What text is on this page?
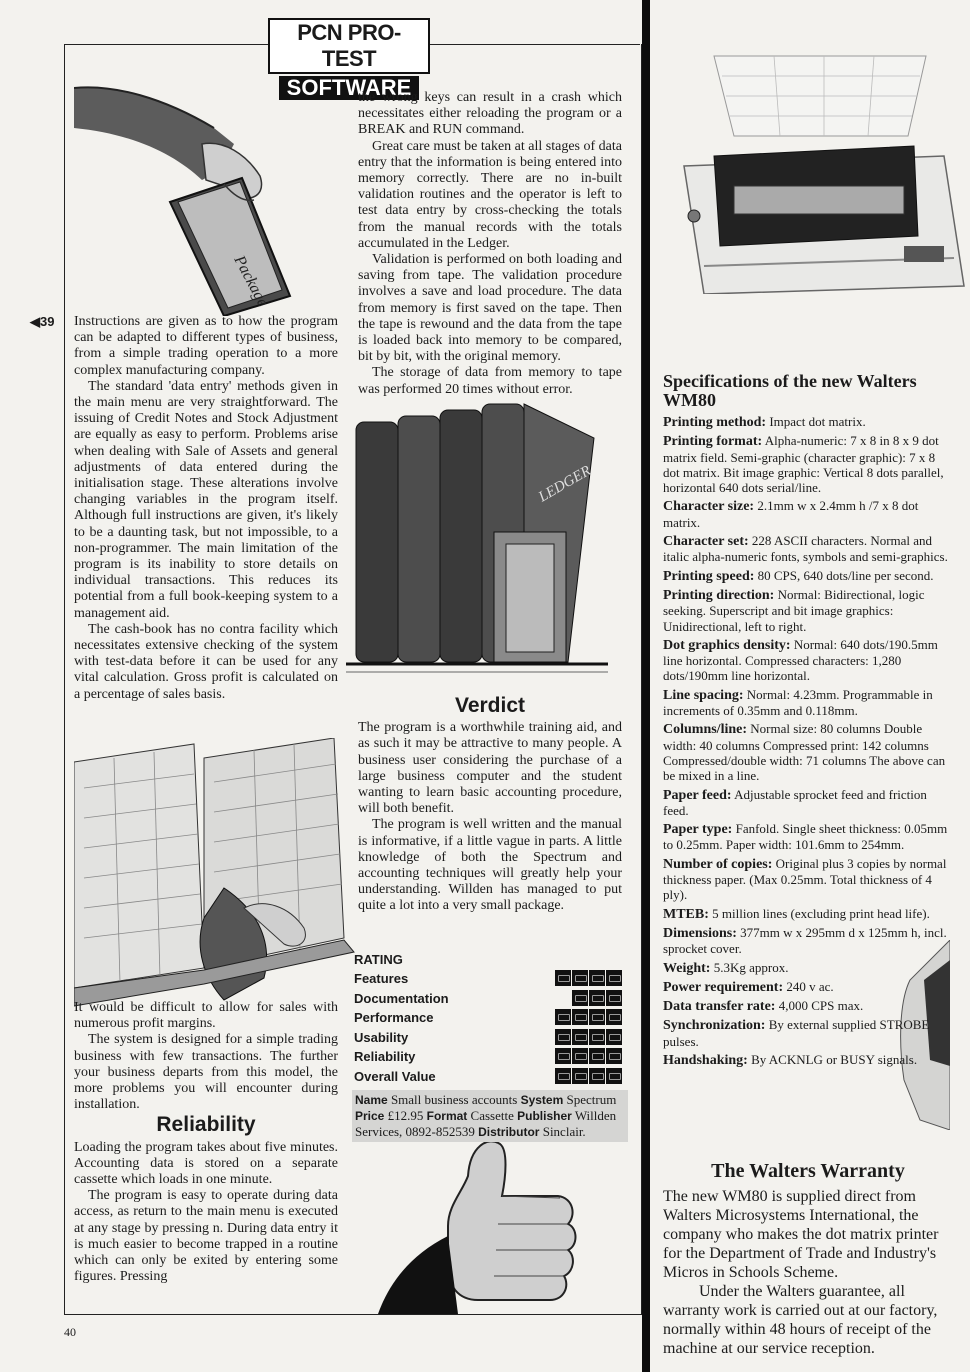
PCN PRO-TEST
SOFTWARE
Package
LEDGER
◀39 Instructions are given as to how the program can be adapted to different types of business, from a simple trading operation to a more complex manufacturing company.

The standard 'data entry' methods given in the main menu are very straightforward. The issuing of Credit Notes and Stock Adjustment are equally as easy to perform. Problems arise when dealing with Sale of Assets and general adjustments of data entered during the initialisation stage. These alterations involve changing variables in the program itself. Although full instructions are given, it's likely to be a daunting task, but not impossible, to a non-programmer. The main limitation of the program is its inability to store details on individual transactions. This reduces its potential from a full book-keeping system to a management aid.

The cash-book has no contra facility which necessitates extensive checking of the system with test-data before it can be used for any vital calculation. Gross profit is calculated on a percentage of sales basis.

It would be difficult to allow for sales with numerous profit margins.

The system is designed for a simple trading business with few transactions. The further your business departs from this model, the more problems you will encounter during installation.

Reliability

Loading the program takes about five minutes. Accounting data is stored on a separate cassette which loads in one minute.

The program is easy to operate during data access, as return to the main menu is executed at any stage by pressing n. During data entry it is much easier to become trapped in a routine which can only be exited by entering some figures. Pressing

the wrong keys can result in a crash which necessitates either reloading the program or a BREAK and RUN command.

Great care must be taken at all stages of data entry that the information is being entered into memory correctly. There are no in-built validation routines and the operator is left to test data entry by cross-checking the totals from the manual records with the totals accumulated in the Ledger.

Validation is performed on both loading and saving from tape. The validation procedure involves a save and load procedure. The data from memory is first saved on the tape. Then the tape is rewound and the data from the tape is loaded back into memory to be compared, bit by bit, with the original memory.

The storage of data from memory to tape was performed 20 times without error.

Verdict

The program is a worthwhile training aid, and as such it may be attractive to many people. A business user considering the purchase of a large business computer and the student wanting to learn basic accounting procedure, will both benefit.

The program is well written and the manual is informative, if a little vague in parts. A little knowledge of both the Spectrum and accounting techniques will greatly help your understanding. Willden has managed to put quite a lot into a very small package.

RATING
Features
Documentation
Performance
Usability
Reliability
Overall Value
Name Small business accounts System Spectrum Price £12.95 Format Cassette Publisher Willden Services, 0892-852539 Distributor Sinclair.
Specifications of the new Walters WM80
Printing method: Impact dot matrix.
Printing format: Alpha-numeric: 7 x 8 in 8 x 9 dot matrix field. Semi-graphic (character graphic): 7 x 8 dot matrix. Bit image graphic: Vertical 8 dots parallel, horizontal 640 dots serial/line.
Character size: 2.1mm w x 2.4mm h /7 x 8 dot matrix.
Character set: 228 ASCII characters. Normal and italic alpha-numeric fonts, symbols and semi-graphics.
Printing speed: 80 CPS, 640 dots/line per second.
Printing direction: Normal: Bidirectional, logic seeking. Superscript and bit image graphics: Unidirectional, left to right.
Dot graphics density: Normal: 640 dots/190.5mm line horizontal. Compressed characters: 1,280 dots/190mm line horizontal.
Line spacing: Normal: 4.23mm. Programmable in increments of 0.35mm and 0.118mm.
Columns/line: Normal size: 80 columns Double width: 40 columns Compressed print: 142 columns Compressed/double width: 71 columns The above can be mixed in a line.
Paper feed: Adjustable sprocket feed and friction feed.
Paper type: Fanfold. Single sheet thickness: 0.05mm to 0.25mm. Paper width: 101.6mm to 254mm.
Number of copies: Original plus 3 copies by normal thickness paper. (Max 0.25mm. Total thickness of 4 ply).
MTEB: 5 million lines (excluding print head life).
Dimensions: 377mm w x 295mm d x 125mm h, incl. sprocket cover.
Weight: 5.3Kg approx.
Power requirement: 240 v ac.
Data transfer rate: 4,000 CPS max.
Synchronization: By external supplied STROBE pulses.
Handshaking: By ACKNLG or BUSY signals.
The Walters Warranty

The new WM80 is supplied direct from Walters Microsystems International, the company who makes the dot matrix printer for the Department of Trade and Industry's Micros in Schools Scheme.

Under the Walters guarantee, all warranty work is carried out at our factory, normally within 48 hours of receipt of the machine at our service reception.

40
